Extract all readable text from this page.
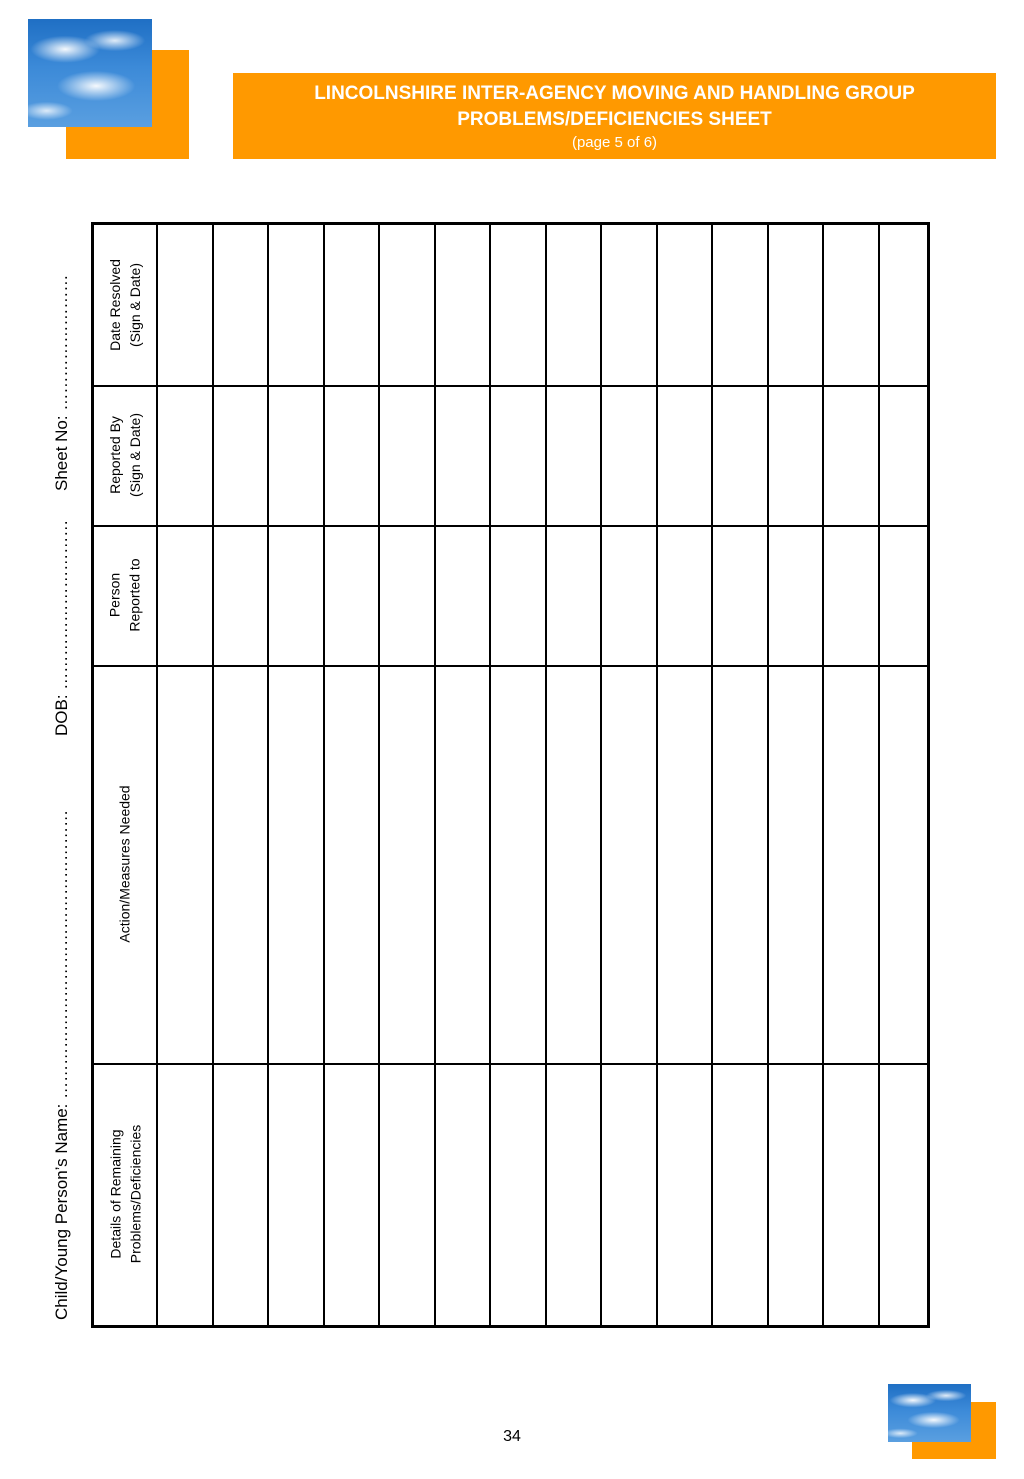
LINCOLNSHIRE INTER-AGENCY MOVING AND HANDLING GROUP
PROBLEMS/DEFICIENCIES SHEET
(page 5 of 6)
Child/Young Person’s Name: ……………………………………………DOB: …………………………Sheet No: ……………………	Date Resolved (Sign & Date)
Reported By (Sign & Date)
Person Reported to
Action/Measures Needed
Details of Remaining Problems/Deficiencies
34
